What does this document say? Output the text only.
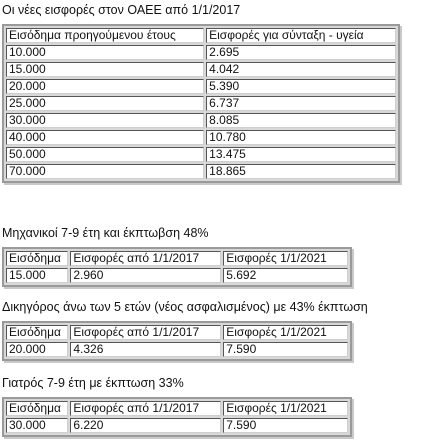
Οι νέες εισφορές στον ΟΑΕΕ από 1/1/2017
Εισόδημα προηγούμενου έτους	Εισφορές για σύνταξη - υγεία
10.000	2.695
15.000	4.042
20.000	5.390
25.000	6.737
30.000	8.085
40.000	10.780
50.000	13.475
70.000	18.865
Μηχανικοί 7-9 έτη και έκπτωβση 48%
Εισόδημα	Εισφορές από 1/1/2017	Εισφορές 1/1/2021
15.000	2.960	5.692
Δικηγόρος άνω των 5 ετών (νέος ασφαλισμένος) με 43% έκπτωση
Εισόδημα	Εισφορές από 1/1/2017	Εισφορές 1/1/2021
20.000	4.326	7.590
Γιατρός 7-9 έτη με έκπτωση 33%
Εισόδημα	Εισφορές από 1/1/2017	Εισφορές 1/1/2021
30.000	6.220	7.590
